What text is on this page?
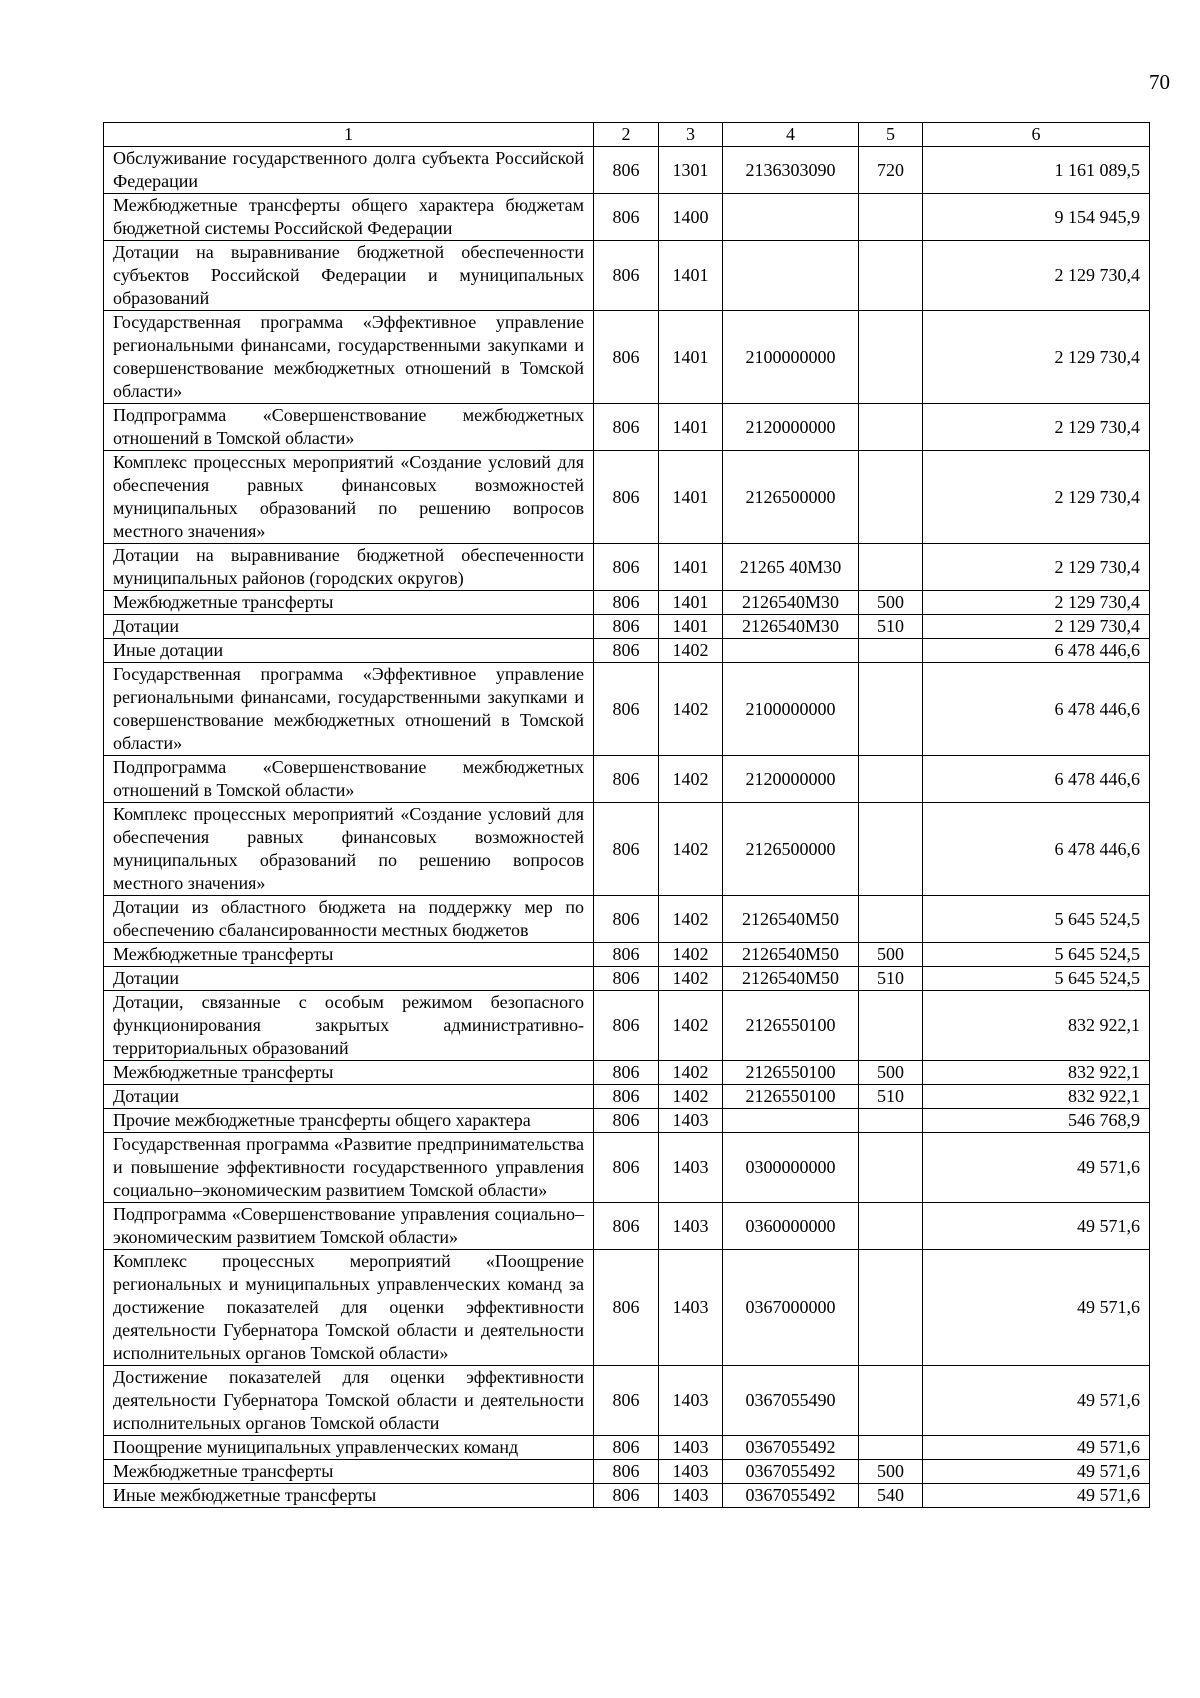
70
1	2	3	4	5	6
Обслуживание государственного долга субъекта Российской Федерации	806	1301	2136303090	720	1 161 089,5
Межбюджетные трансферты общего характера бюджетам бюджетной системы Российской Федерации	806	1400			9 154 945,9
Дотации на выравнивание бюджетной обеспеченности субъектов Российской Федерации и муниципальных образований	806	1401			2 129 730,4
Государственная программа «Эффективное управление региональными финансами, государственными закупками и совершенствование межбюджетных отношений в Томской области»	806	1401	2100000000		2 129 730,4
Подпрограмма «Совершенствование межбюджетных отношений в Томской области»	806	1401	2120000000		2 129 730,4
Комплекс процессных мероприятий «Создание условий для обеспечения равных финансовых возможностей муниципальных образований по решению вопросов местного значения»	806	1401	2126500000		2 129 730,4
Дотации на выравнивание бюджетной обеспеченности муниципальных районов (городских округов)	806	1401	21265 40М30		2 129 730,4
Межбюджетные трансферты	806	1401	2126540М30	500	2 129 730,4
Дотации	806	1401	2126540М30	510	2 129 730,4
Иные дотации	806	1402			6 478 446,6
Государственная программа «Эффективное управление региональными финансами, государственными закупками и совершенствование межбюджетных отношений в Томской области»	806	1402	2100000000		6 478 446,6
Подпрограмма «Совершенствование межбюджетных отношений в Томской области»	806	1402	2120000000		6 478 446,6
Комплекс процессных мероприятий «Создание условий для обеспечения равных финансовых возможностей муниципальных образований по решению вопросов местного значения»	806	1402	2126500000		6 478 446,6
Дотации из областного бюджета на поддержку мер по обеспечению сбалансированности местных бюджетов	806	1402	2126540М50		5 645 524,5
Межбюджетные трансферты	806	1402	2126540М50	500	5 645 524,5
Дотации	806	1402	2126540М50	510	5 645 524,5
Дотации, связанные с особым режимом безопасного функционирования закрытых административно-территориальных образований	806	1402	2126550100		832 922,1
Межбюджетные трансферты	806	1402	2126550100	500	832 922,1
Дотации	806	1402	2126550100	510	832 922,1
Прочие межбюджетные трансферты общего характера	806	1403			546 768,9
Государственная программа «Развитие предпринимательства и повышение эффективности государственного управления социально–экономическим развитием Томской области»	806	1403	0300000000		49 571,6
Подпрограмма «Совершенствование управления социально–экономическим развитием Томской области»	806	1403	0360000000		49 571,6
Комплекс процессных мероприятий «Поощрение региональных и муниципальных управленческих команд за достижение показателей для оценки эффективности деятельности Губернатора Томской области и деятельности исполнительных органов Томской области»	806	1403	0367000000		49 571,6
Достижение показателей для оценки эффективности деятельности Губернатора Томской области и деятельности исполнительных органов Томской области	806	1403	0367055490		49 571,6
Поощрение муниципальных управленческих команд	806	1403	0367055492		49 571,6
Межбюджетные трансферты	806	1403	0367055492	500	49 571,6
Иные межбюджетные трансферты	806	1403	0367055492	540	49 571,6
